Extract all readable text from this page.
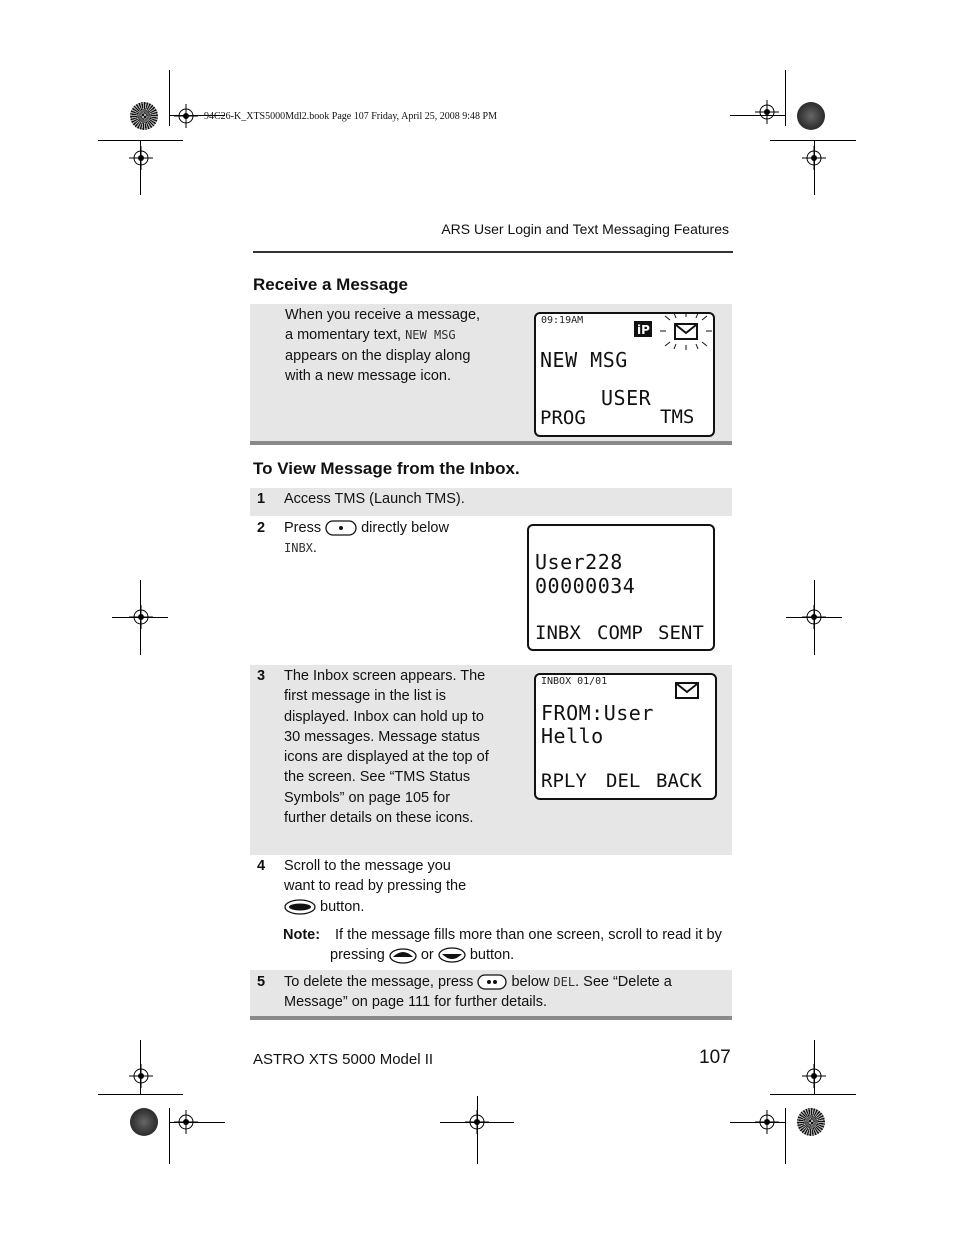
94C26-K_XTS5000Mdl2.book Page 107 Friday, April 25, 2008 9:48 PM
ARS User Login and Text Messaging Features
Receive a Message
When you receive a message, a momentary text, NEW MSG appears on the display along with a new message icon.
09:19AM
iP
NEW MSG
USER
PROG	TMS
To View Message from the Inbox.
1 Access TMS (Launch TMS).
2 Press  directly below
INBX.
User228
00000034
INBX COMP SENT
3 The Inbox screen appears. The first message in the list is displayed. Inbox can hold up to 30 messages. Message status icons are displayed at the top of the screen. See “TMS Status Symbols” on page 105 for further details on these icons.
INBOX 01/01
FROM:User
Hello
RPLY DEL BACK
4 Scroll to the message you want to read by pressing the
button.
Note:	If the message fills more than one screen, scroll to read it by pressing  or  button.
5 To delete the message, press  below DEL. See “Delete a Message” on page 111 for further details.
ASTRO XTS 5000 Model II	107
